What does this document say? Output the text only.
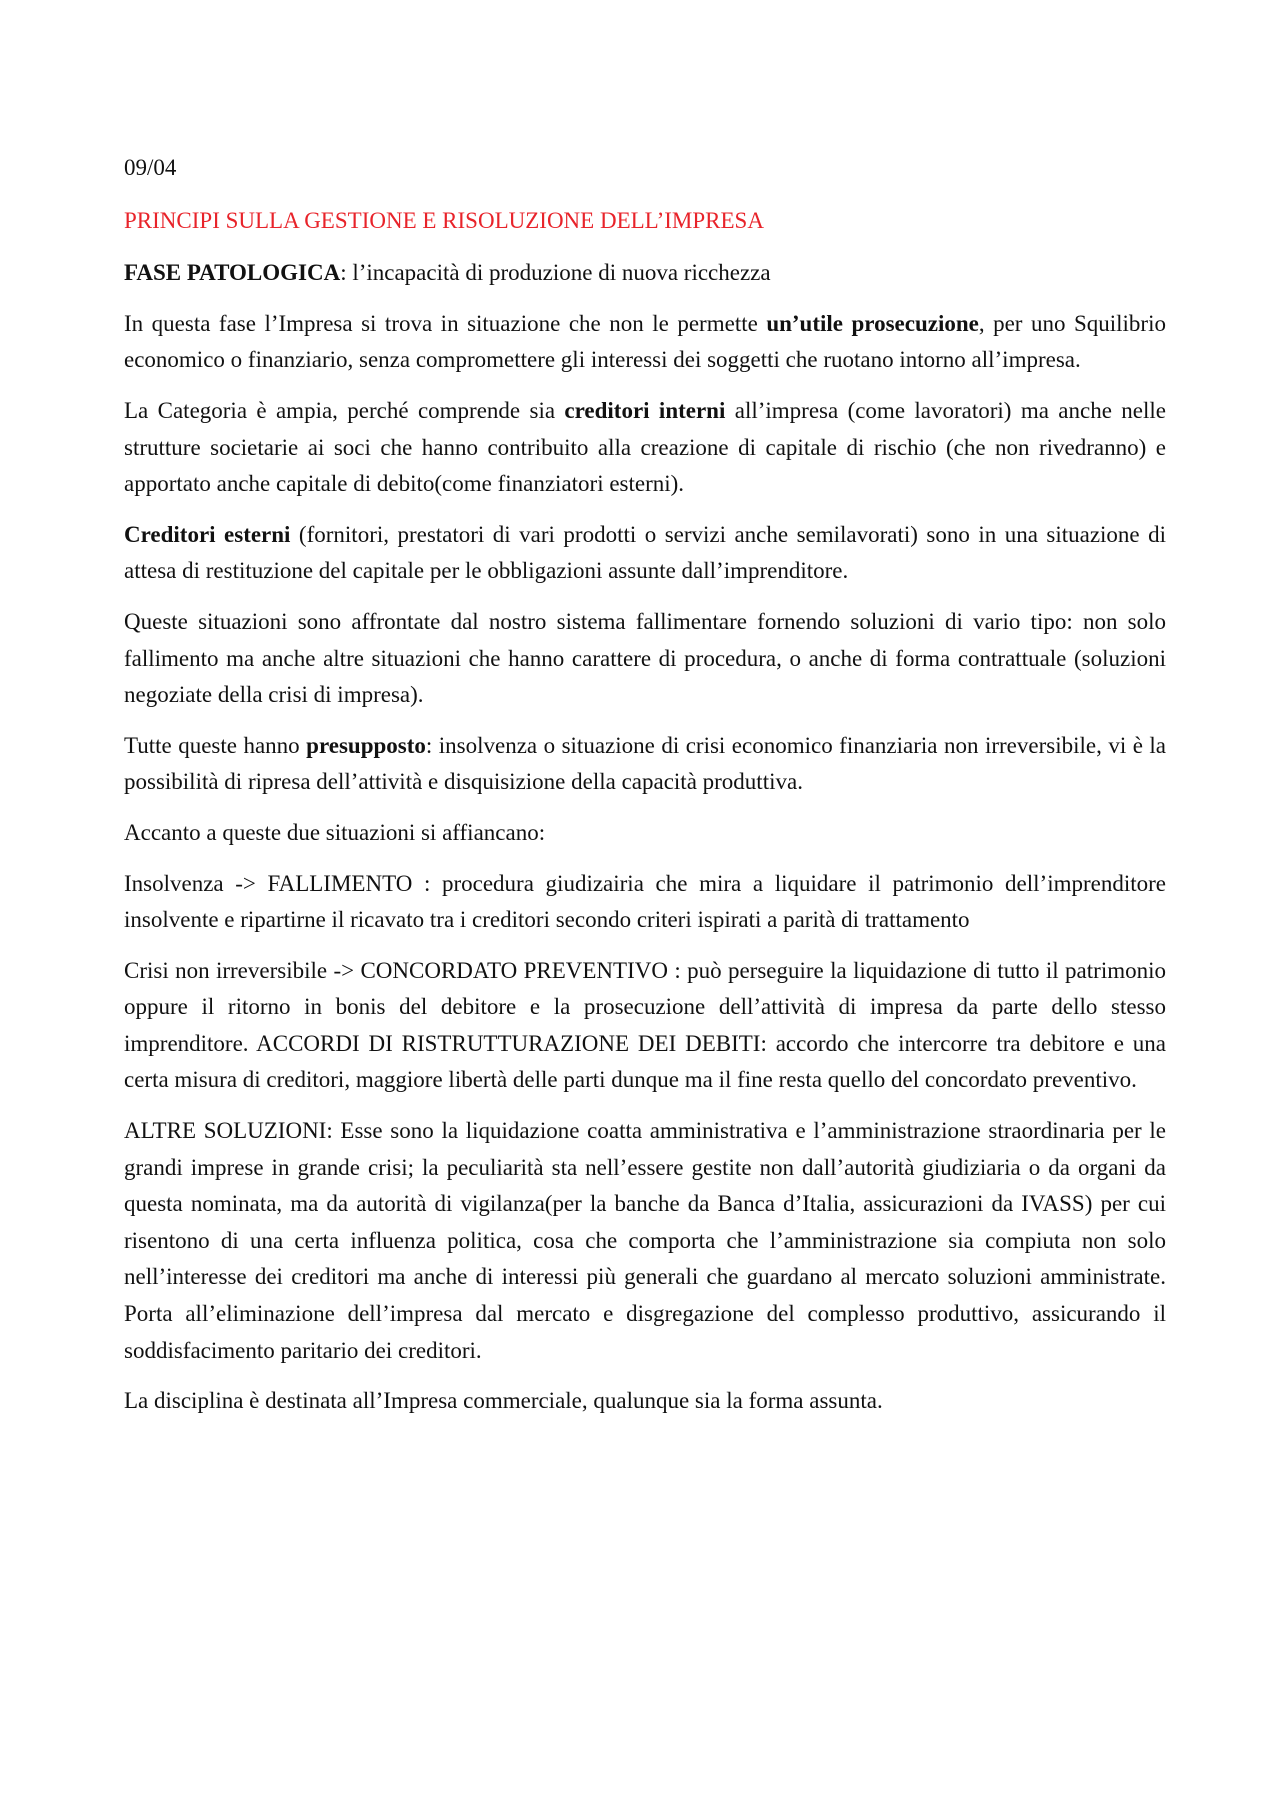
09/04

PRINCIPI SULLA GESTIONE E RISOLUZIONE DELL’IMPRESA

FASE PATOLOGICA: l’incapacità di produzione di nuova ricchezza

In questa fase l’Impresa si trova in situazione che non le permette un’utile prosecuzione, per uno Squilibrio economico o finanziario, senza compromettere gli interessi dei soggetti che ruotano intorno all’impresa.

La Categoria è ampia, perché comprende sia creditori interni all’impresa (come lavoratori) ma anche nelle strutture societarie ai soci che hanno contribuito alla creazione di capitale di rischio (che non rivedranno) e apportato anche capitale di debito(come finanziatori esterni).

Creditori esterni (fornitori, prestatori di vari prodotti o servizi anche semilavorati) sono in una situazione di attesa di restituzione del capitale per le obbligazioni assunte dall’imprenditore.

Queste situazioni sono affrontate dal nostro sistema fallimentare fornendo soluzioni di vario tipo: non solo fallimento ma anche altre situazioni che hanno carattere di procedura, o anche di forma contrattuale (soluzioni negoziate della crisi di impresa).

Tutte queste hanno presupposto: insolvenza o situazione di crisi economico finanziaria non irreversibile, vi è la possibilità di ripresa dell’attività e disquisizione della capacità produttiva.

Accanto a queste due situazioni si affiancano:

Insolvenza -> FALLIMENTO : procedura giudizairia che mira a liquidare il patrimonio dell’imprenditore insolvente e ripartirne il ricavato tra i creditori secondo criteri ispirati a parità di trattamento

Crisi non irreversibile -> CONCORDATO PREVENTIVO : può perseguire la liquidazione di tutto il patrimonio oppure il ritorno in bonis del debitore e la prosecuzione dell’attività di impresa da parte dello stesso imprenditore. ACCORDI DI RISTRUTTURAZIONE DEI DEBITI: accordo che intercorre tra debitore e una certa misura di creditori, maggiore libertà delle parti dunque ma il fine resta quello del concordato preventivo.

ALTRE SOLUZIONI: Esse sono la liquidazione coatta amministrativa e l’amministrazione straordinaria per le grandi imprese in grande crisi; la peculiarità sta nell’essere gestite non dall’autorità giudiziaria o da organi da questa nominata, ma da autorità di vigilanza(per la banche da Banca d’Italia, assicurazioni da IVASS) per cui risentono di una certa influenza politica, cosa che comporta che l’amministrazione sia compiuta non solo nell’interesse dei creditori ma anche di interessi più generali che guardano al mercato soluzioni amministrate. Porta all’eliminazione dell’impresa dal mercato e disgregazione del complesso produttivo, assicurando il soddisfacimento paritario dei creditori.

La disciplina è destinata all’Impresa commerciale, qualunque sia la forma assunta.
